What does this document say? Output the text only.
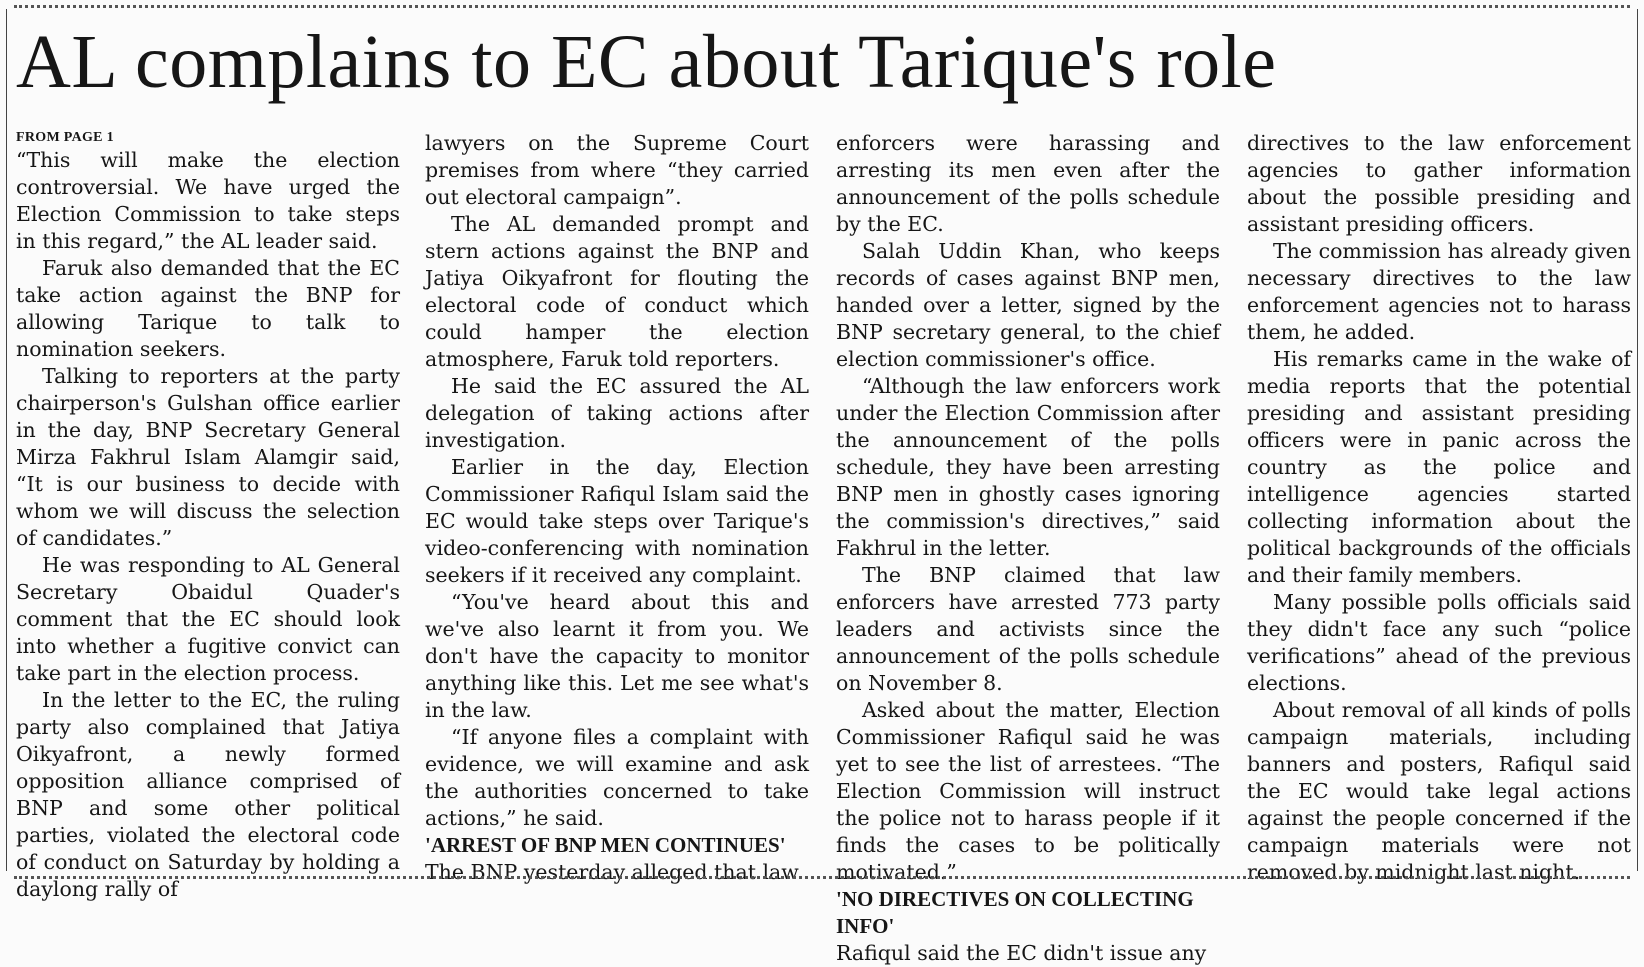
AL complains to EC about Tarique's role
FROM PAGE 1

“This will make the election controversial. We have urged the Election Commission to take steps in this regard,” the AL leader said.

Faruk also demanded that the EC take action against the BNP for allowing Tarique to talk to nomination seekers.

Talking to reporters at the party chairperson's Gulshan office earlier in the day, BNP Secretary General Mirza Fakhrul Islam Alamgir said, “It is our business to decide with whom we will discuss the selection of candidates.”

He was responding to AL General Secretary Obaidul Quader's comment that the EC should look into whether a fugitive convict can take part in the election process.

In the letter to the EC, the ruling party also complained that Jatiya Oikyafront, a newly formed opposition alliance comprised of BNP and some other political parties, violated the electoral code of conduct on Saturday by holding a daylong rally of

lawyers on the Supreme Court premises from where “they carried out electoral campaign”.

The AL demanded prompt and stern actions against the BNP and Jatiya Oikyafront for flouting the electoral code of conduct which could hamper the election atmosphere, Faruk told reporters.

He said the EC assured the AL delegation of taking actions after investigation.

Earlier in the day, Election Commissioner Rafiqul Islam said the EC would take steps over Tarique's video-conferencing with nomination seekers if it received any complaint.

“You've heard about this and we've also learnt it from you. We don't have the capacity to monitor anything like this. Let me see what's in the law.

“If anyone files a complaint with evidence, we will examine and ask the authorities concerned to take actions,” he said.

'ARREST OF BNP MEN CONTINUES'

The BNP yesterday alleged that law

enforcers were harassing and arresting its men even after the announcement of the polls schedule by the EC.

Salah Uddin Khan, who keeps records of cases against BNP men, handed over a letter, signed by the BNP secretary general, to the chief election commissioner's office.

“Although the law enforcers work under the Election Commission after the announcement of the polls schedule, they have been arresting BNP men in ghostly cases ignoring the commission's directives,” said Fakhrul in the letter.

The BNP claimed that law enforcers have arrested 773 party leaders and activists since the announcement of the polls schedule on November 8.

Asked about the matter, Election Commissioner Rafiqul said he was yet to see the list of arrestees. “The Election Commission will instruct the police not to harass people if it finds the cases to be politically motivated.”

'NO DIRECTIVES ON COLLECTING INFO'

Rafiqul said the EC didn't issue any

directives to the law enforcement agencies to gather information about the possible presiding and assistant presiding officers.

The commission has already given necessary directives to the law enforcement agencies not to harass them, he added.

His remarks came in the wake of media reports that the potential presiding and assistant presiding officers were in panic across the country as the police and intelligence agencies started collecting information about the political backgrounds of the officials and their family members.

Many possible polls officials said they didn't face any such “police verifications” ahead of the previous elections.

About removal of all kinds of polls campaign materials, including banners and posters, Rafiqul said the EC would take legal actions against the people concerned if the campaign materials were not removed by midnight last night.
